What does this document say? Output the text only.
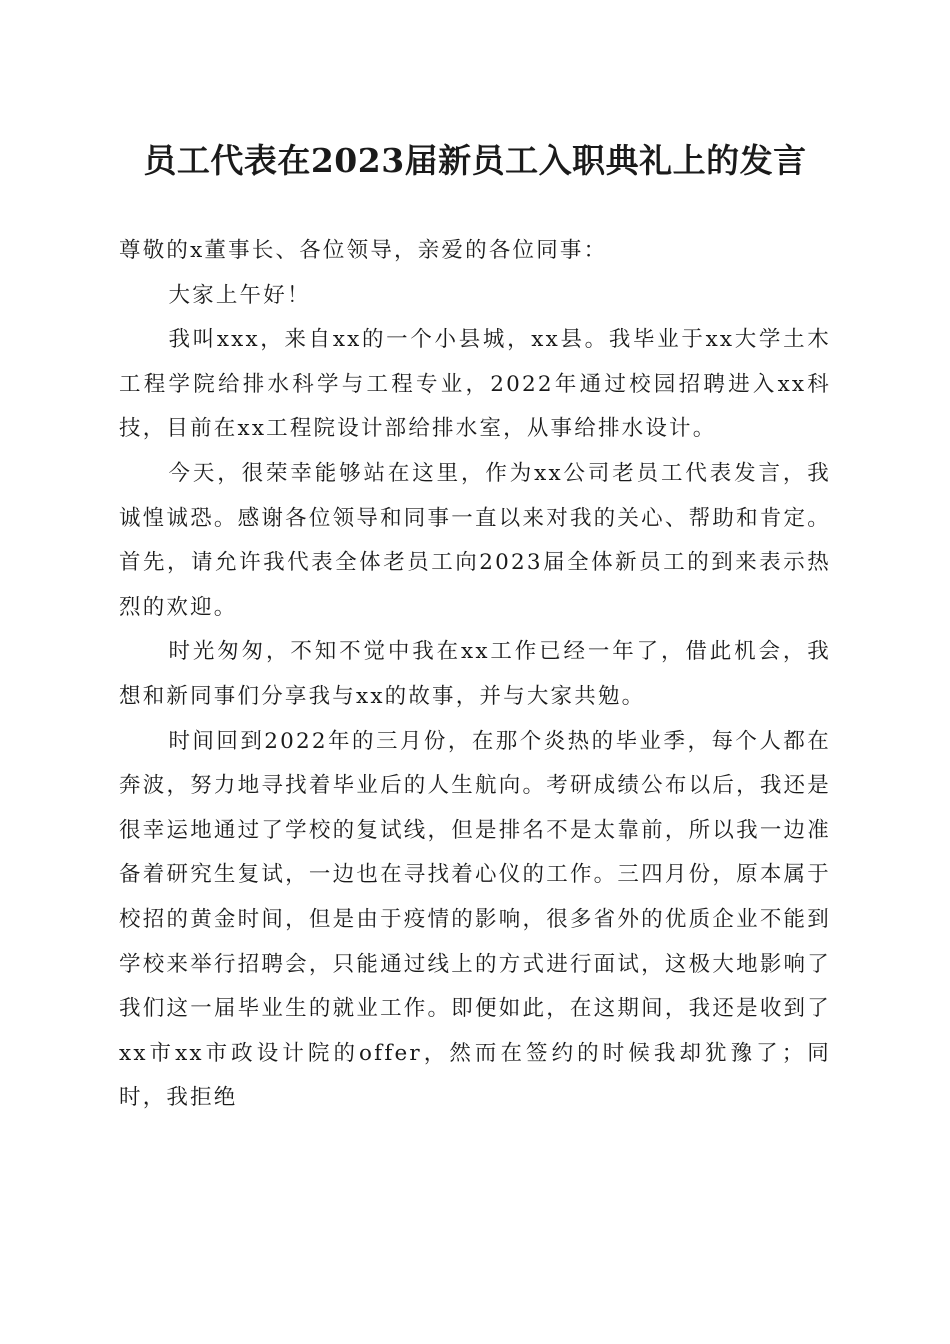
员工代表在2023届新员工入职典礼上的发言

尊敬的x董事长、各位领导，亲爱的各位同事：

大家上午好！

我叫xxx，来自xx的一个小县城，xx县。我毕业于xx大学土木工程学院给排水科学与工程专业，2022年通过校园招聘进入xx科技，目前在xx工程院设计部给排水室，从事给排水设计。

今天，很荣幸能够站在这里，作为xx公司老员工代表发言，我诚惶诚恐。感谢各位领导和同事一直以来对我的关心、帮助和肯定。首先，请允许我代表全体老员工向2023届全体新员工的到来表示热烈的欢迎。

时光匆匆，不知不觉中我在xx工作已经一年了，借此机会，我想和新同事们分享我与xx的故事，并与大家共勉。

时间回到2022年的三月份，在那个炎热的毕业季，每个人都在奔波，努力地寻找着毕业后的人生航向。考研成绩公布以后，我还是很幸运地通过了学校的复试线，但是排名不是太靠前，所以我一边准备着研究生复试，一边也在寻找着心仪的工作。三四月份，原本属于校招的黄金时间，但是由于疫情的影响，很多省外的优质企业不能到学校来举行招聘会，只能通过线上的方式进行面试，这极大地影响了我们这一届毕业生的就业工作。即便如此，在这期间，我还是收到了xx市xx市政设计院的offer，然而在签约的时候我却犹豫了；同时，我拒绝
